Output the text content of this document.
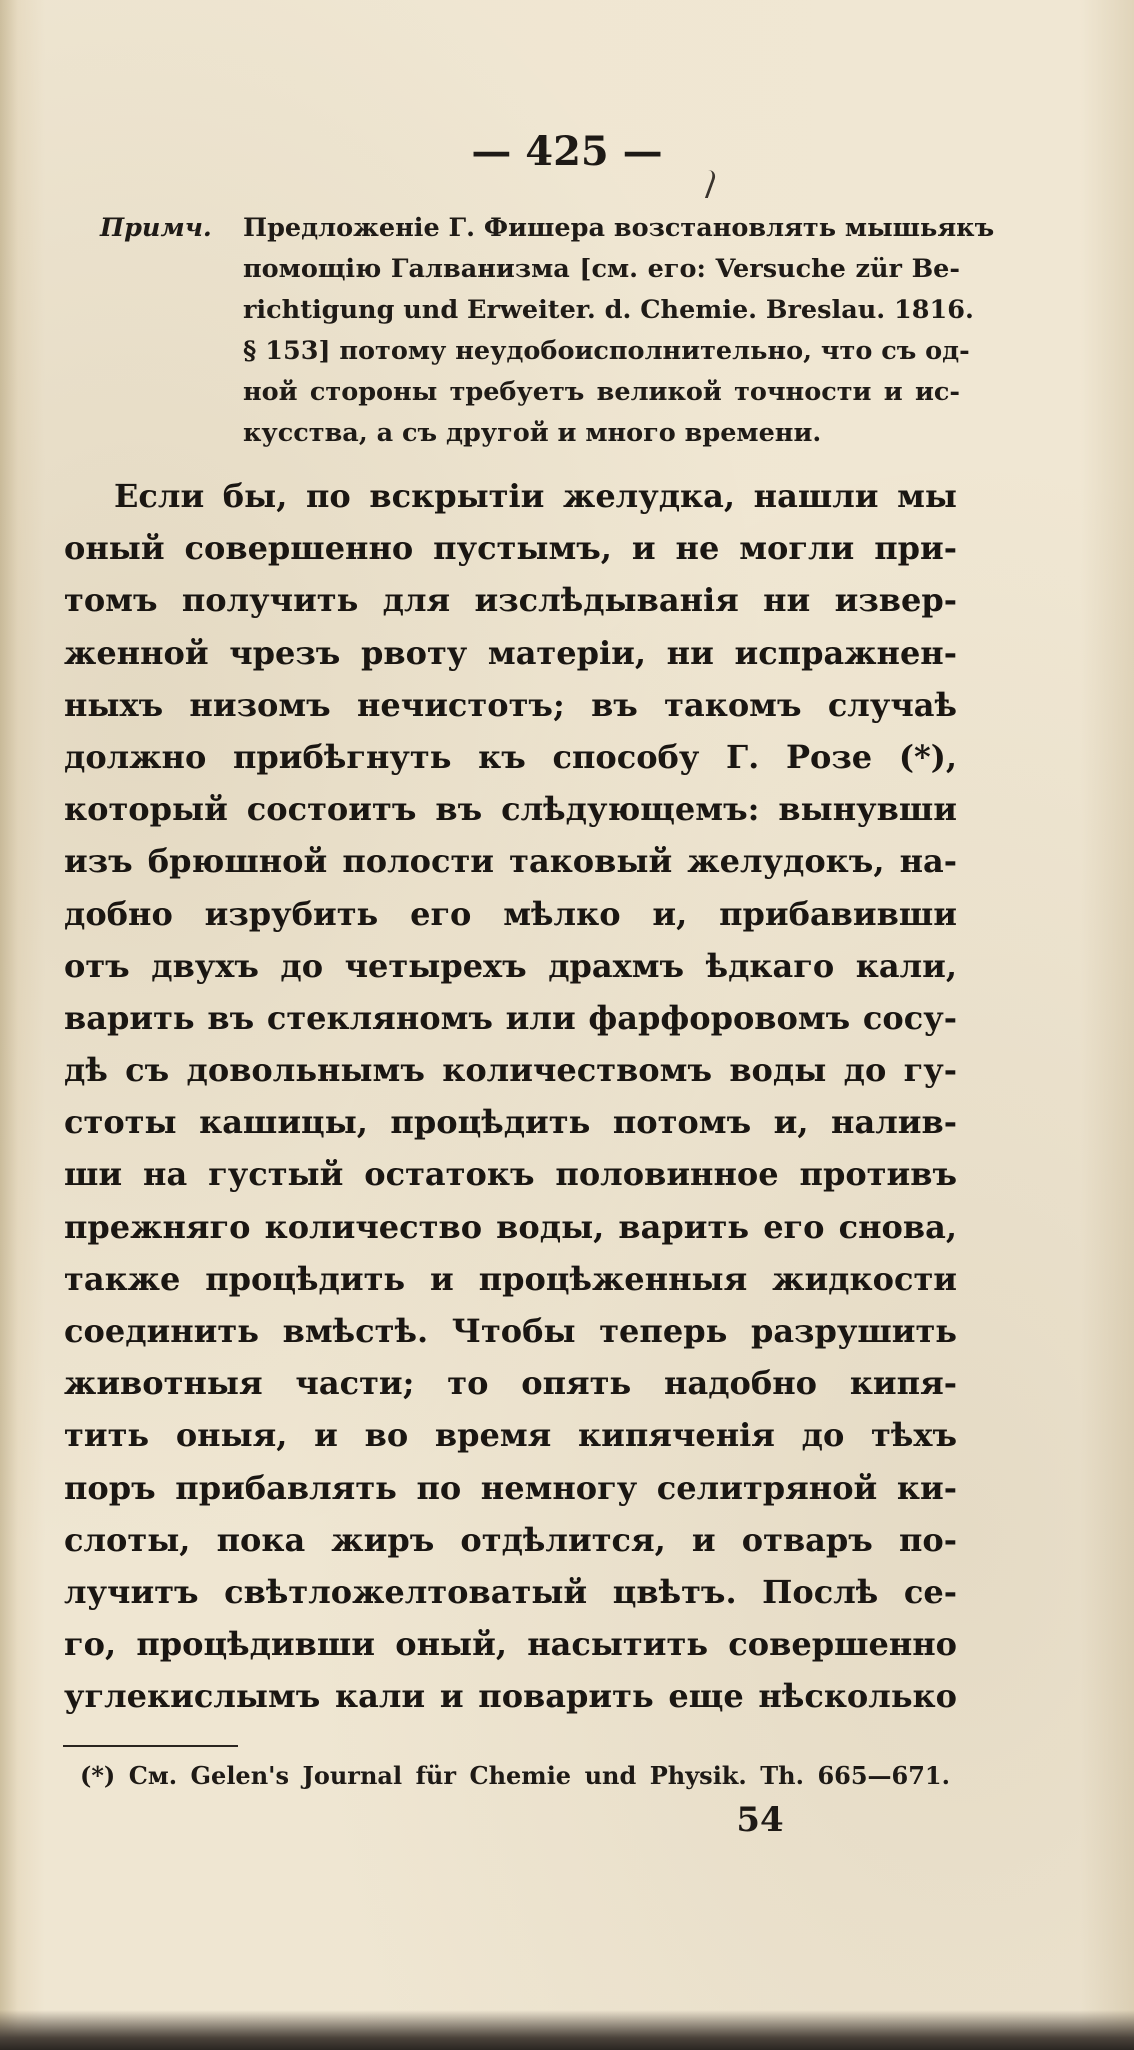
— 425 —
Примч.	Предложеніе Г. Фишера возстановлять мышьякъ
помощію Галванизма [см. его: Versuche zür Be-
richtigung und Erweiter. d. Chemie. Breslau. 1816.
§ 153] потому неудобоисполнительно, что съ од-
ной стороны требуетъ великой точности и ис-
кусства, а съ другой и много времени.
Если бы, по вскрытіи желудка, нашли мы
оный совершенно пустымъ, и не могли при-
томъ получить для изслѣдыванія ни извер-
женной чрезъ рвоту матеріи, ни испражнен-
ныхъ низомъ нечистотъ; въ такомъ случаѣ
должно прибѣгнуть къ способу Г. Розе (*),
который состоитъ въ слѣдующемъ: вынувши
изъ брюшной полости таковый желудокъ, на-
добно изрубить его мѣлко и, прибавивши
отъ двухъ до четырехъ драхмъ ѣдкаго кали,
варить въ стекляномъ или фарфоровомъ сосу-
дѣ съ довольнымъ количествомъ воды до гу-
стоты кашицы, процѣдить потомъ и, налив-
ши на густый остатокъ половинное противъ
прежняго количество воды, варить его снова,
также процѣдить и процѣженныя жидкости
соединить вмѣстѣ. Чтобы теперь разрушить
животныя части; то опять надобно кипя-
тить оныя, и во время кипяченія до тѣхъ
поръ прибавлять по немногу селитряной ки-
слоты, пока жиръ отдѣлится, и отваръ по-
лучитъ свѣтложелтоватый цвѣтъ. Послѣ се-
го, процѣдивши оный, насытить совершенно
углекислымъ кали и поварить еще нѣсколько
(*) См. Gelen's Journal für Chemie und Physik. Th. 665—671.
54
